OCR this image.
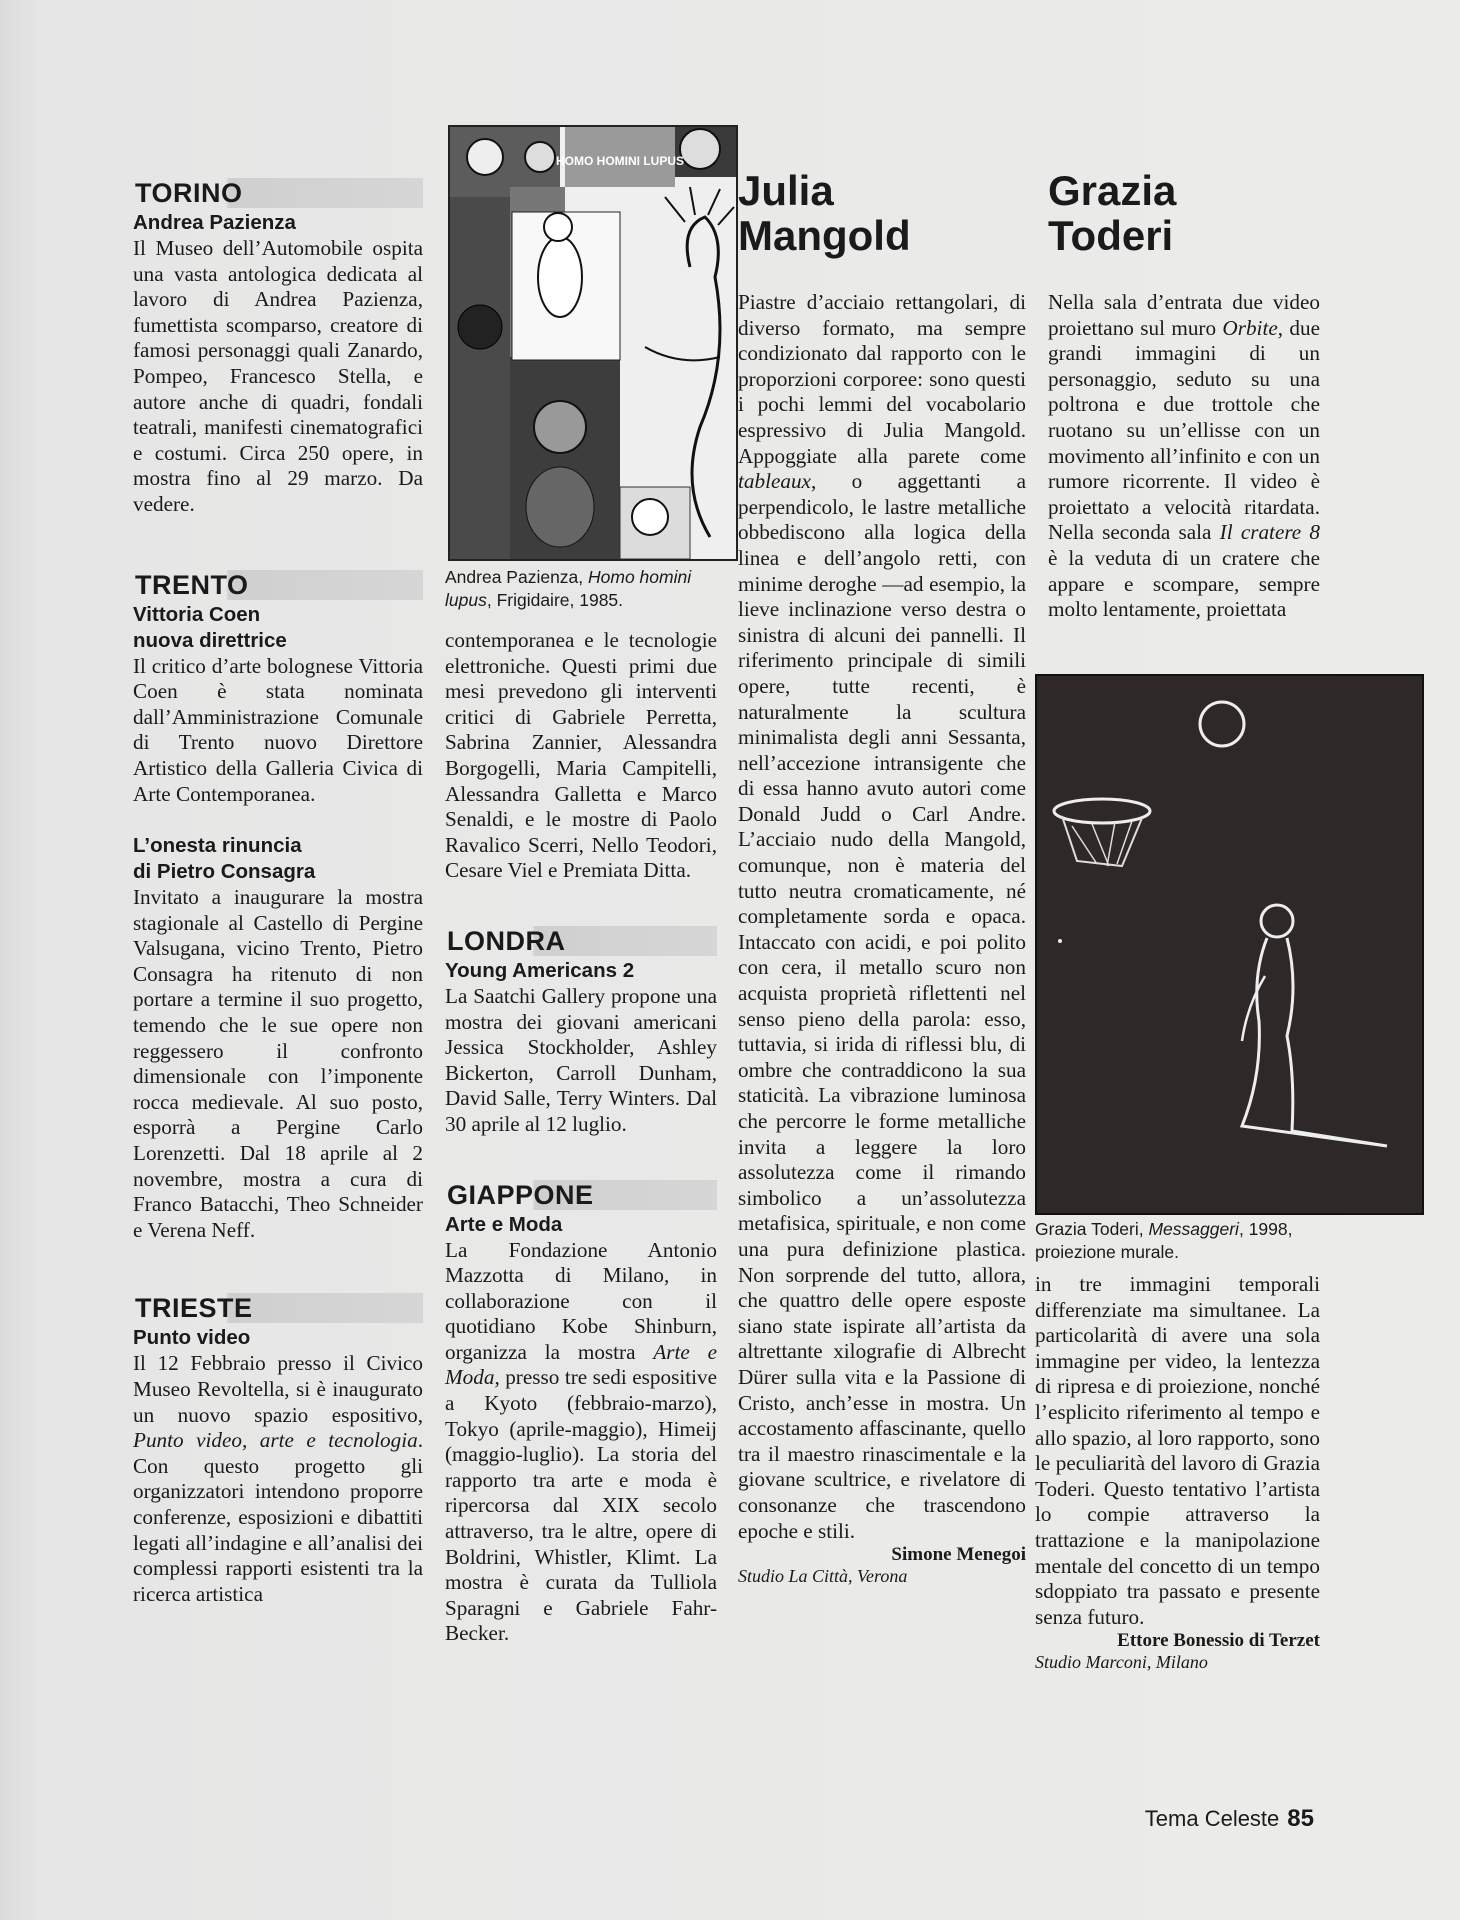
TORINO

Andrea Pazienza

Il Museo dell’Automobile ospita una vasta antologica dedicata al lavoro di Andrea Pazienza, fumettista scomparso, creatore di famosi personaggi quali Zanardo, Pompeo, Francesco Stella, e autore anche di quadri, fondali teatrali, manifesti cinematografici e costumi. Circa 250 opere, in mostra fino al 29 marzo. Da vedere.

TRENTO

Vittoria Coen

nuova direttrice

Il critico d’arte bolognese Vittoria Coen è stata nominata dall’Amministrazione Comunale di Trento nuovo Direttore Artistico della Galleria Civica di Arte Contemporanea.

L’onesta rinuncia

di Pietro Consagra

Invitato a inaugurare la mostra stagionale al Castello di Pergine Valsugana, vicino Trento, Pietro Consagra ha ritenuto di non portare a termine il suo progetto, temendo che le sue opere non reggessero il confronto dimensionale con l’imponente rocca medievale. Al suo posto, esporrà a Pergine Carlo Lorenzetti. Dal 18 aprile al 2 novembre, mostra a cura di Franco Batacchi, Theo Schneider e Verena Neff.

TRIESTE

Punto video

Il 12 Febbraio presso il Civico Museo Revoltella, si è inaugurato un nuovo spazio espositivo, Punto video, arte e tecnologia. Con questo progetto gli organizzatori intendono proporre conferenze, esposizioni e dibattiti legati all’indagine e all’analisi dei complessi rapporti esistenti tra la ricerca artistica

HOMO HOMINI LUPUS

Andrea Pazienza, Homo homini lupus, Frigidaire, 1985.

contemporanea e le tecnologie elettroniche. Questi primi due mesi prevedono gli interventi critici di Gabriele Perretta, Sabrina Zannier, Alessandra Borgogelli, Maria Campitelli, Alessandra Galletta e Marco Senaldi, e le mostre di Paolo Ravalico Scerri, Nello Teodori, Cesare Viel e Premiata Ditta.

LONDRA

Young Americans 2

La Saatchi Gallery propone una mostra dei giovani americani Jessica Stockholder, Ashley Bickerton, Carroll Dunham, David Salle, Terry Winters. Dal 30 aprile al 12 luglio.

GIAPPONE

Arte e Moda

La Fondazione Antonio Mazzotta di Milano, in collaborazione con il quotidiano Kobe Shinburn, organizza la mostra Arte e Moda, presso tre sedi espositive a Kyoto (febbraio-marzo), Tokyo (aprile-maggio), Himeij (maggio-luglio). La storia del rapporto tra arte e moda è ripercorsa dal XIX secolo attraverso, tra le altre, opere di Boldrini, Whistler, Klimt. La mostra è curata da Tulliola Sparagni e Gabriele Fahr-Becker.

Julia

Mangold

Piastre d’acciaio rettangolari, di diverso formato, ma sempre condizionato dal rapporto con le proporzioni corporee: sono questi i pochi lemmi del vocabolario espressivo di Julia Mangold. Appoggiate alla parete come tableaux, o aggettanti a perpendicolo, le lastre metalliche obbediscono alla logica della linea e dell’angolo retti, con minime deroghe —ad esempio, la lieve inclinazione verso destra o sinistra di alcuni dei pannelli. Il riferimento principale di simili opere, tutte recenti, è naturalmente la scultura minimalista degli anni Sessanta, nell’accezione intransigente che di essa hanno avuto autori come Donald Judd o Carl Andre. L’acciaio nudo della Mangold, comunque, non è materia del tutto neutra cromaticamente, né completamente sorda e opaca. Intaccato con acidi, e poi polito con cera, il metallo scuro non acquista proprietà riflettenti nel senso pieno della parola: esso, tuttavia, si irida di riflessi blu, di ombre che contraddicono la sua staticità. La vibrazione luminosa che percorre le forme metalliche invita a leggere la loro assolutezza come il rimando simbolico a un’assolutezza metafisica, spirituale, e non come una pura definizione plastica. Non sorprende del tutto, allora, che quattro delle opere esposte siano state ispirate all’artista da altrettante xilografie di Albrecht Dürer sulla vita e la Passione di Cristo, anch’esse in mostra. Un accostamento affascinante, quello tra il maestro rinascimentale e la giovane scultrice, e rivelatore di consonanze che trascendono epoche e stili.

Simone Menegoi

Studio La Città, Verona

Grazia

Toderi

Nella sala d’entrata due video proiettano sul muro Orbite, due grandi immagini di un personaggio, seduto su una poltrona e due trottole che ruotano su un’ellisse con un movimento all’infinito e con un rumore ricorrente. Il video è proiettato a velocità ritardata. Nella seconda sala Il cratere 8 è la veduta di un cratere che appare e scompare, sempre molto lentamente, proiettata

Grazia Toderi, Messaggeri, 1998, proiezione murale.

in tre immagini temporali differenziate ma simultanee. La particolarità di avere una sola immagine per video, la lentezza di ripresa e di proiezione, nonché l’esplicito riferimento al tempo e allo spazio, al loro rapporto, sono le peculiarità del lavoro di Grazia Toderi. Questo tentativo l’artista lo compie attraverso la trattazione e la manipolazione mentale del concetto di un tempo sdoppiato tra passato e presente senza futuro.

Ettore Bonessio di Terzet

Studio Marconi, Milano

Tema Celeste 85
